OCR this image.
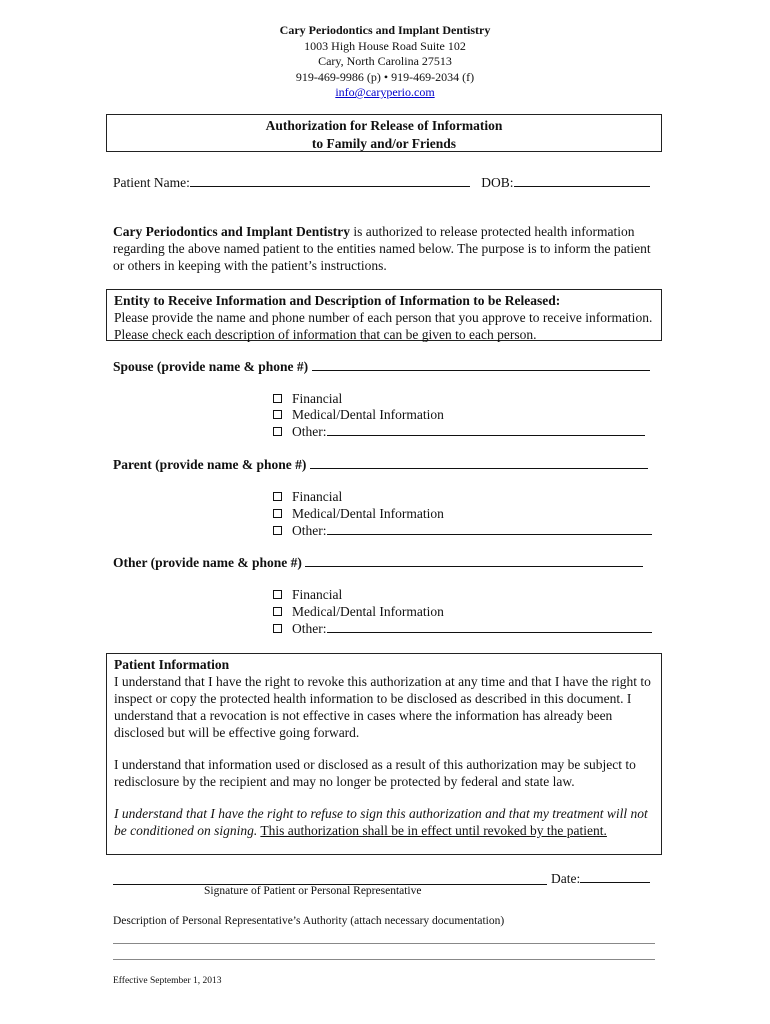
Cary Periodontics and Implant Dentistry
1003 High House Road Suite 102
Cary, North Carolina 27513
919-469-9986 (p) • 919-469-2034 (f)
info@caryperio.com
Authorization for Release of Information
to Family and/or Friends
Patient Name:	DOB:
Cary Periodontics and Implant Dentistry is authorized to release protected health information regarding the above named patient to the entities named below. The purpose is to inform the patient or others in keeping with the patient’s instructions.
Entity to Receive Information and Description of Information to be Released:
Please provide the name and phone number of each person that you approve to receive information. Please check each description of information that can be given to each person.
Spouse (provide name & phone #)
Financial
Medical/Dental Information
Other:
Parent (provide name & phone #)
Financial
Medical/Dental Information
Other:
Other (provide name & phone #)
Financial
Medical/Dental Information
Other:
Patient Information
I understand that I have the right to revoke this authorization at any time and that I have the right to inspect or copy the protected health information to be disclosed as described in this document. I understand that a revocation is not effective in cases where the information has already been disclosed but will be effective going forward.
I understand that information used or disclosed as a result of this authorization may be subject to redisclosure by the recipient and may no longer be protected by federal and state law.
I understand that I have the right to refuse to sign this authorization and that my treatment will not be conditioned on signing. This authorization shall be in effect until revoked by the patient.
Date:
Signature of Patient or Personal Representative
Description of Personal Representative’s Authority (attach necessary documentation)
Effective September 1, 2013
